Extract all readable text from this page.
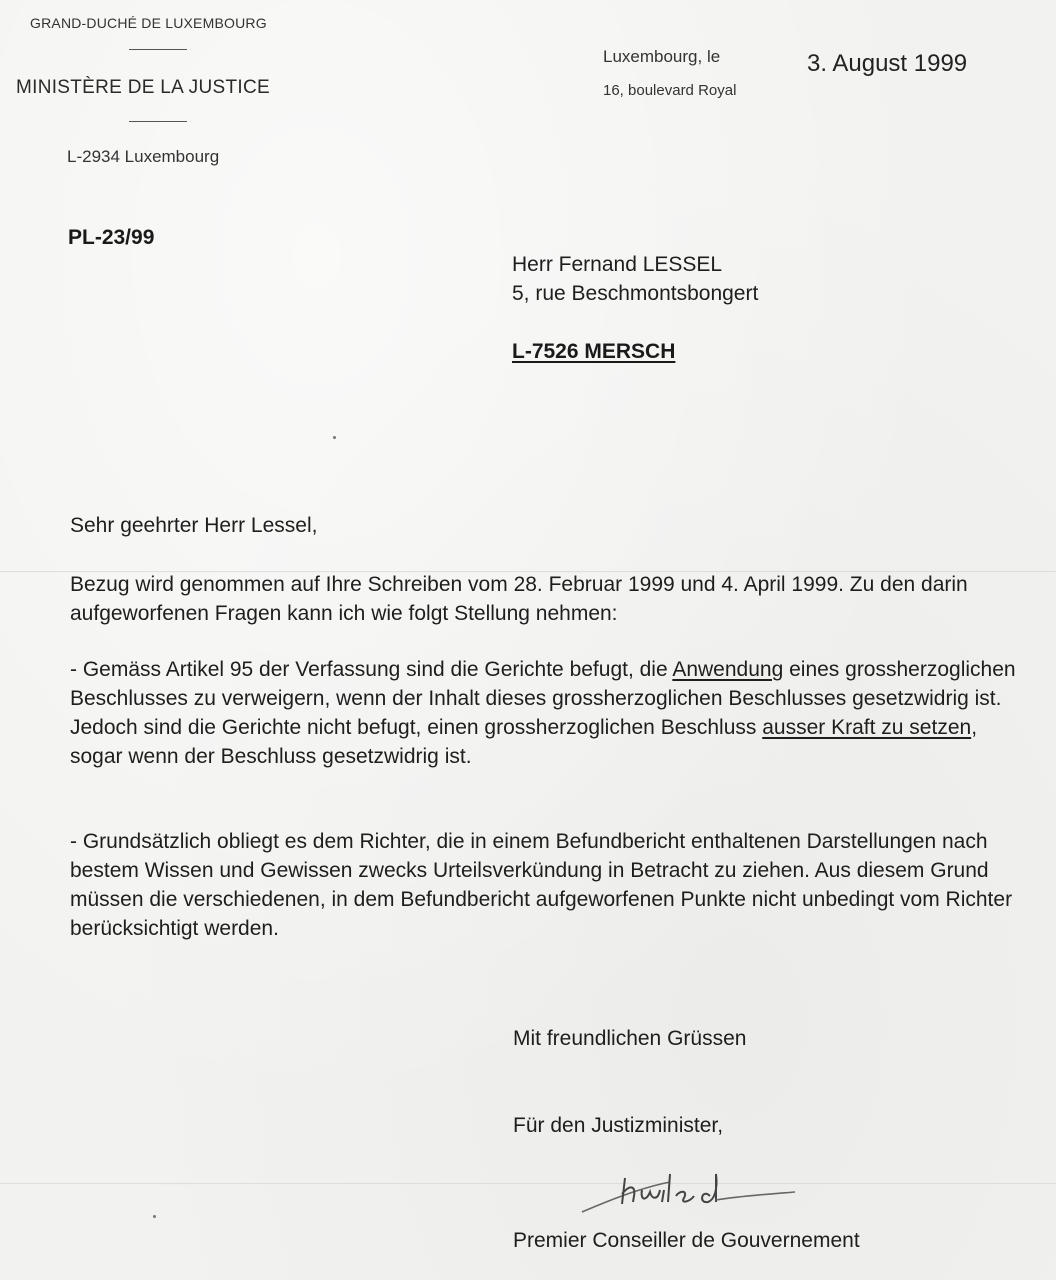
GRAND-DUCHÉ DE LUXEMBOURG
MINISTÈRE DE LA JUSTICE
L-2934 Luxembourg
Luxembourg, le
16, boulevard Royal
3. August 1999
PL-23/99
Herr Fernand LESSEL
5, rue Beschmontsbongert
L-7526 MERSCH
Sehr geehrter Herr Lessel,
Bezug wird genommen auf Ihre Schreiben vom 28. Februar 1999 und 4. April 1999. Zu den darin aufgeworfenen Fragen kann ich wie folgt Stellung nehmen:
- Gemäss Artikel 95 der Verfassung sind die Gerichte befugt, die Anwendung eines grossherzoglichen Beschlusses zu verweigern, wenn der Inhalt dieses grossherzoglichen Beschlusses gesetzwidrig ist. Jedoch sind die Gerichte nicht befugt, einen grossherzoglichen Beschluss ausser Kraft zu setzen, sogar wenn der Beschluss gesetzwidrig ist.
- Grundsätzlich obliegt es dem Richter, die in einem Befundbericht enthaltenen Darstellungen nach bestem Wissen und Gewissen zwecks Urteilsverkündung in Betracht zu ziehen. Aus diesem Grund müssen die verschiedenen, in dem Befundbericht aufgeworfenen Punkte nicht unbedingt vom Richter berücksichtigt werden.
Mit freundlichen Grüssen
Für den Justizminister,
Premier Conseiller de Gouvernement
